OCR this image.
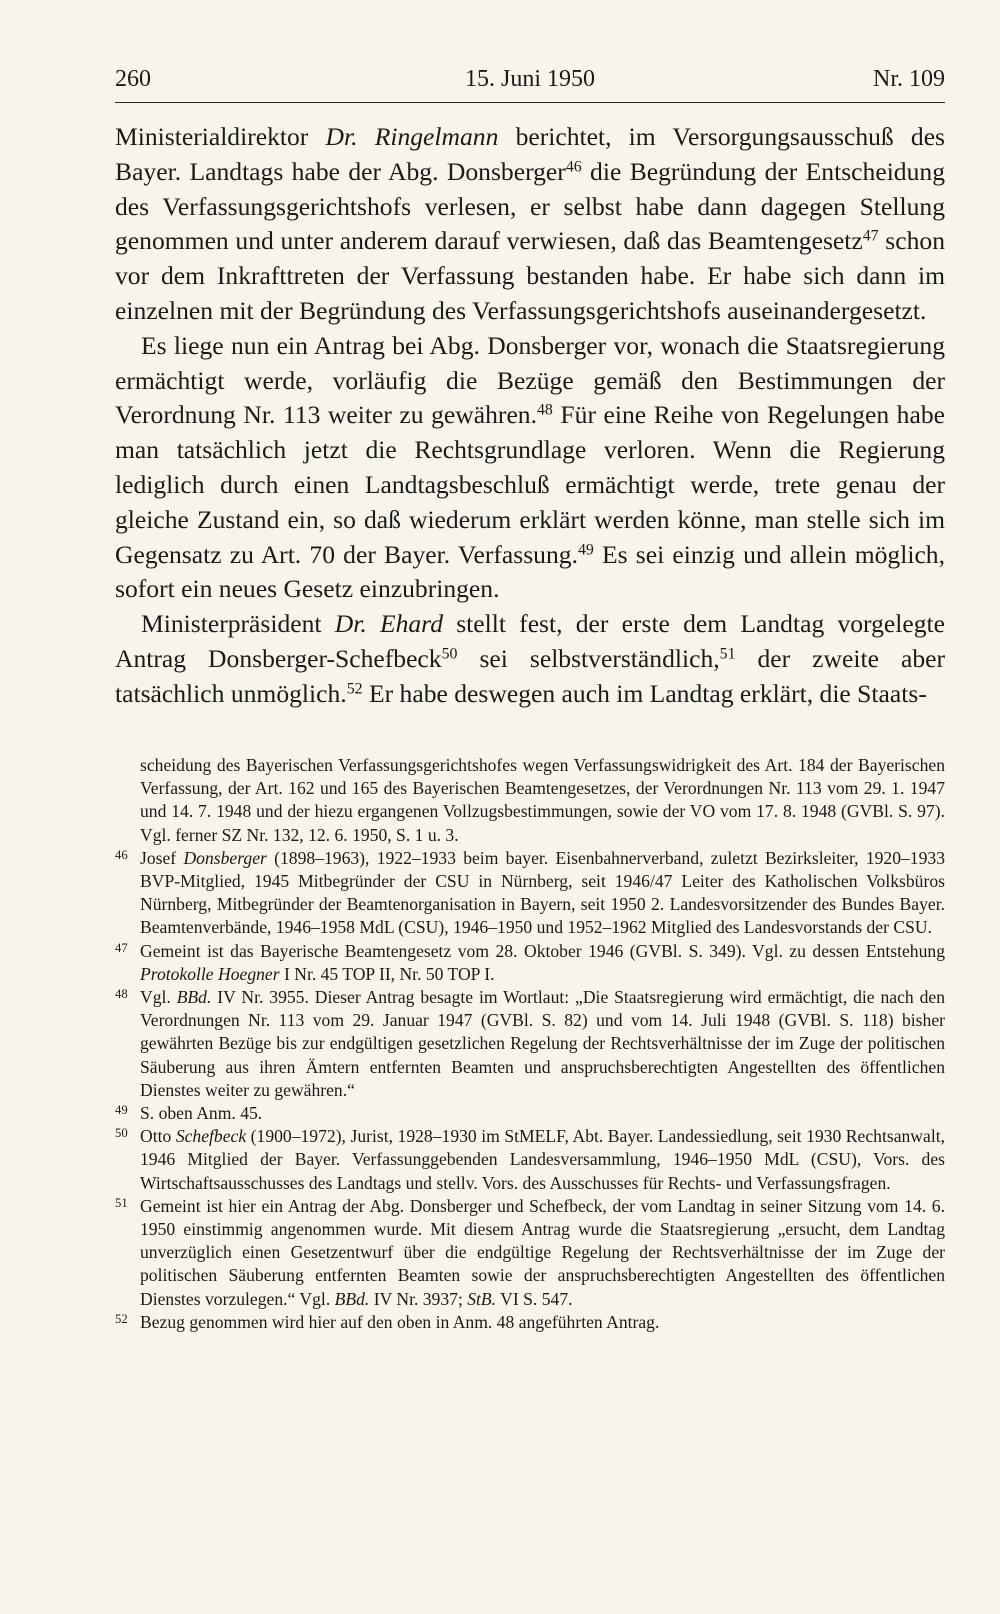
260	15. Juni 1950	Nr. 109

Ministerialdirektor Dr. Ringelmann berichtet, im Versorgungsausschuß des Bayer. Landtags habe der Abg. Donsberger$^{46}$ die Begründung der Entscheidung des Verfassungsgerichtshofs verlesen, er selbst habe dann dagegen Stellung genommen und unter anderem darauf verwiesen, daß das Beamtengesetz$^{47}$ schon vor dem Inkrafttreten der Verfassung bestanden habe. Er habe sich dann im einzelnen mit der Begründung des Verfassungsgerichtshofs auseinandergesetzt.

Es liege nun ein Antrag bei Abg. Donsberger vor, wonach die Staatsregierung ermächtigt werde, vorläufig die Bezüge gemäß den Bestimmungen der Verordnung Nr. 113 weiter zu gewähren.$^{48}$ Für eine Reihe von Regelungen habe man tatsächlich jetzt die Rechtsgrundlage verloren. Wenn die Regierung lediglich durch einen Landtagsbeschluß ermächtigt werde, trete genau der gleiche Zustand ein, so daß wiederum erklärt werden könne, man stelle sich im Gegensatz zu Art. 70 der Bayer. Verfassung.$^{49}$ Es sei einzig und allein möglich, sofort ein neues Gesetz einzubringen.

Ministerpräsident Dr. Ehard stellt fest, der erste dem Landtag vorgelegte Antrag Donsberger-Schefbeck$^{50}$ sei selbstverständlich,$^{51}$ der zweite aber tatsächlich unmöglich.$^{52}$ Er habe deswegen auch im Landtag erklärt, die Staats-

scheidung des Bayerischen Verfassungsgerichtshofes wegen Verfassungswidrigkeit des Art. 184 der Bayerischen Verfassung, der Art. 162 und 165 des Bayerischen Beamtengesetzes, der Verordnungen Nr. 113 vom 29. 1. 1947 und 14. 7. 1948 und der hiezu ergangenen Vollzugsbestimmungen, sowie der VO vom 17. 8. 1948 (GVBl. S. 97). Vgl. ferner SZ Nr. 132, 12. 6. 1950, S. 1 u. 3.

46 Josef Donsberger (1898–1963), 1922–1933 beim bayer. Eisenbahnerverband, zuletzt Bezirksleiter, 1920–1933 BVP-Mitglied, 1945 Mitbegründer der CSU in Nürnberg, seit 1946/47 Leiter des Katholischen Volksbüros Nürnberg, Mitbegründer der Beamtenorganisation in Bayern, seit 1950 2. Landesvorsitzender des Bundes Bayer. Beamtenverbände, 1946–1958 MdL (CSU), 1946–1950 und 1952–1962 Mitglied des Landesvorstands der CSU.

47 Gemeint ist das Bayerische Beamtengesetz vom 28. Oktober 1946 (GVBl. S. 349). Vgl. zu dessen Entstehung Protokolle Hoegner I Nr. 45 TOP II, Nr. 50 TOP I.

48 Vgl. BBd. IV Nr. 3955. Dieser Antrag besagte im Wortlaut: „Die Staatsregierung wird ermächtigt, die nach den Verordnungen Nr. 113 vom 29. Januar 1947 (GVBl. S. 82) und vom 14. Juli 1948 (GVBl. S. 118) bisher gewährten Bezüge bis zur endgültigen gesetzlichen Regelung der Rechtsverhältnisse der im Zuge der politischen Säuberung aus ihren Ämtern entfernten Beamten und anspruchsberechtigten Angestellten des öffentlichen Dienstes weiter zu gewähren.“

49 S. oben Anm. 45.

50 Otto Schefbeck (1900–1972), Jurist, 1928–1930 im StMELF, Abt. Bayer. Landessiedlung, seit 1930 Rechtsanwalt, 1946 Mitglied der Bayer. Verfassunggebenden Landesversammlung, 1946–1950 MdL (CSU), Vors. des Wirtschaftsausschusses des Landtags und stellv. Vors. des Ausschusses für Rechts- und Verfassungsfragen.

51 Gemeint ist hier ein Antrag der Abg. Donsberger und Schefbeck, der vom Landtag in seiner Sitzung vom 14. 6. 1950 einstimmig angenommen wurde. Mit diesem Antrag wurde die Staatsregierung „ersucht, dem Landtag unverzüglich einen Gesetzentwurf über die endgültige Regelung der Rechtsverhältnisse der im Zuge der politischen Säuberung entfernten Beamten sowie der anspruchsberechtigten Angestellten des öffentlichen Dienstes vorzulegen.“ Vgl. BBd. IV Nr. 3937; StB. VI S. 547.

52 Bezug genommen wird hier auf den oben in Anm. 48 angeführten Antrag.
